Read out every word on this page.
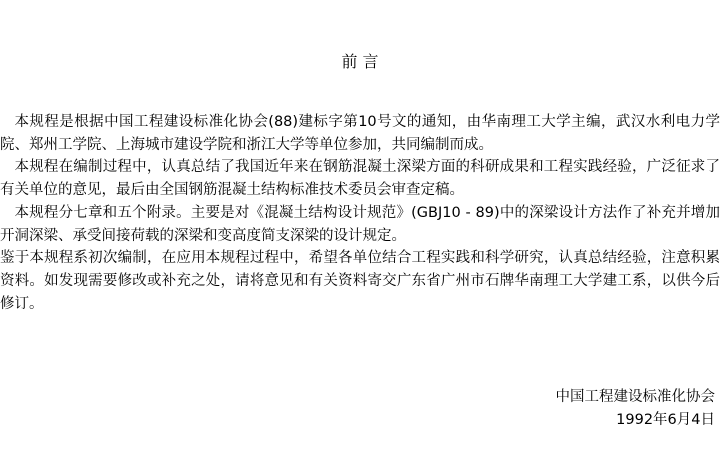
前 言

本规程是根据中国工程建设标准化协会(88)建标字第10号文的通知，由华南理工大学主编，武汉水利电力学院、郑州工学院、上海城市建设学院和浙江大学等单位参加，共同编制而成。

本规程在编制过程中，认真总结了我国近年来在钢筋混凝土深梁方面的科研成果和工程实践经验，广泛征求了有关单位的意见，最后由全国钢筋混凝土结构标准技术委员会审查定稿。

本规程分七章和五个附录。主要是对《混凝土结构设计规范》(GBJ10 - 89)中的深梁设计方法作了补充并增加开洞深梁、承受间接荷载的深梁和变高度简支深梁的设计规定。

鉴于本规程系初次编制，在应用本规程过程中，希望各单位结合工程实践和科学研究，认真总结经验，注意积累资料。如发现需要修改或补充之处，请将意见和有关资料寄交广东省广州市石牌华南理工大学建工系，以供今后修订。

中国工程建设标准化协会
1992年6月4日
